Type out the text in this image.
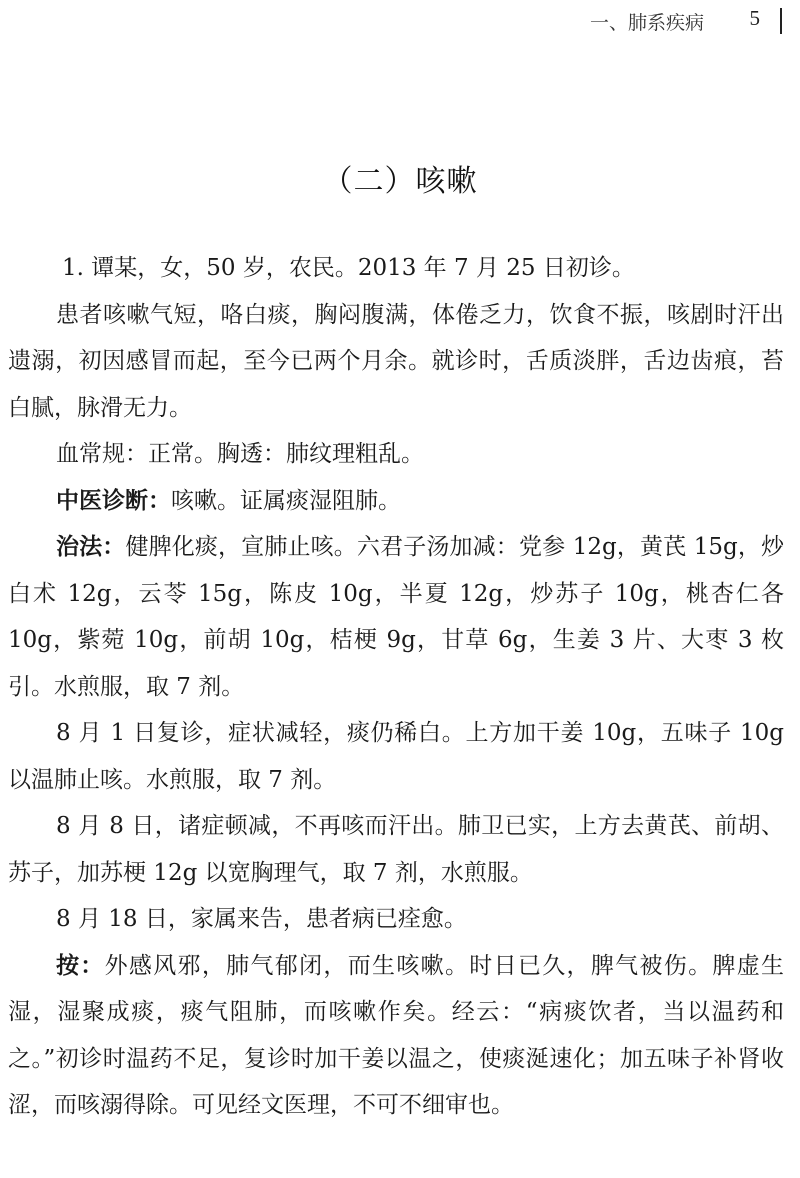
一、肺系疾病 5
（二）咳嗽

1. 谭某，女，50 岁，农民。2013 年 7 月 25 日初诊。

患者咳嗽气短，咯白痰，胸闷腹满，体倦乏力，饮食不振，咳剧时汗出遗溺，初因感冒而起，至今已两个月余。就诊时，舌质淡胖，舌边齿痕，苔白腻，脉滑无力。

血常规：正常。胸透：肺纹理粗乱。

中医诊断：咳嗽。证属痰湿阻肺。

治法：健脾化痰，宣肺止咳。六君子汤加减：党参 12g，黄芪 15g，炒白术 12g，云苓 15g，陈皮 10g，半夏 12g，炒苏子 10g，桃杏仁各 10g，紫菀 10g，前胡 10g，桔梗 9g，甘草 6g，生姜 3 片、大枣 3 枚引。水煎服，取 7 剂。

8 月 1 日复诊，症状减轻，痰仍稀白。上方加干姜 10g，五味子 10g 以温肺止咳。水煎服，取 7 剂。

8 月 8 日，诸症顿减，不再咳而汗出。肺卫已实，上方去黄芪、前胡、苏子，加苏梗 12g 以宽胸理气，取 7 剂，水煎服。

8 月 18 日，家属来告，患者病已痊愈。

按：外感风邪，肺气郁闭，而生咳嗽。时日已久，脾气被伤。脾虚生湿，湿聚成痰，痰气阻肺，而咳嗽作矣。经云：“病痰饮者，当以温药和之。”初诊时温药不足，复诊时加干姜以温之，使痰涎速化；加五味子补肾收涩，而咳溺得除。可见经文医理，不可不细审也。
